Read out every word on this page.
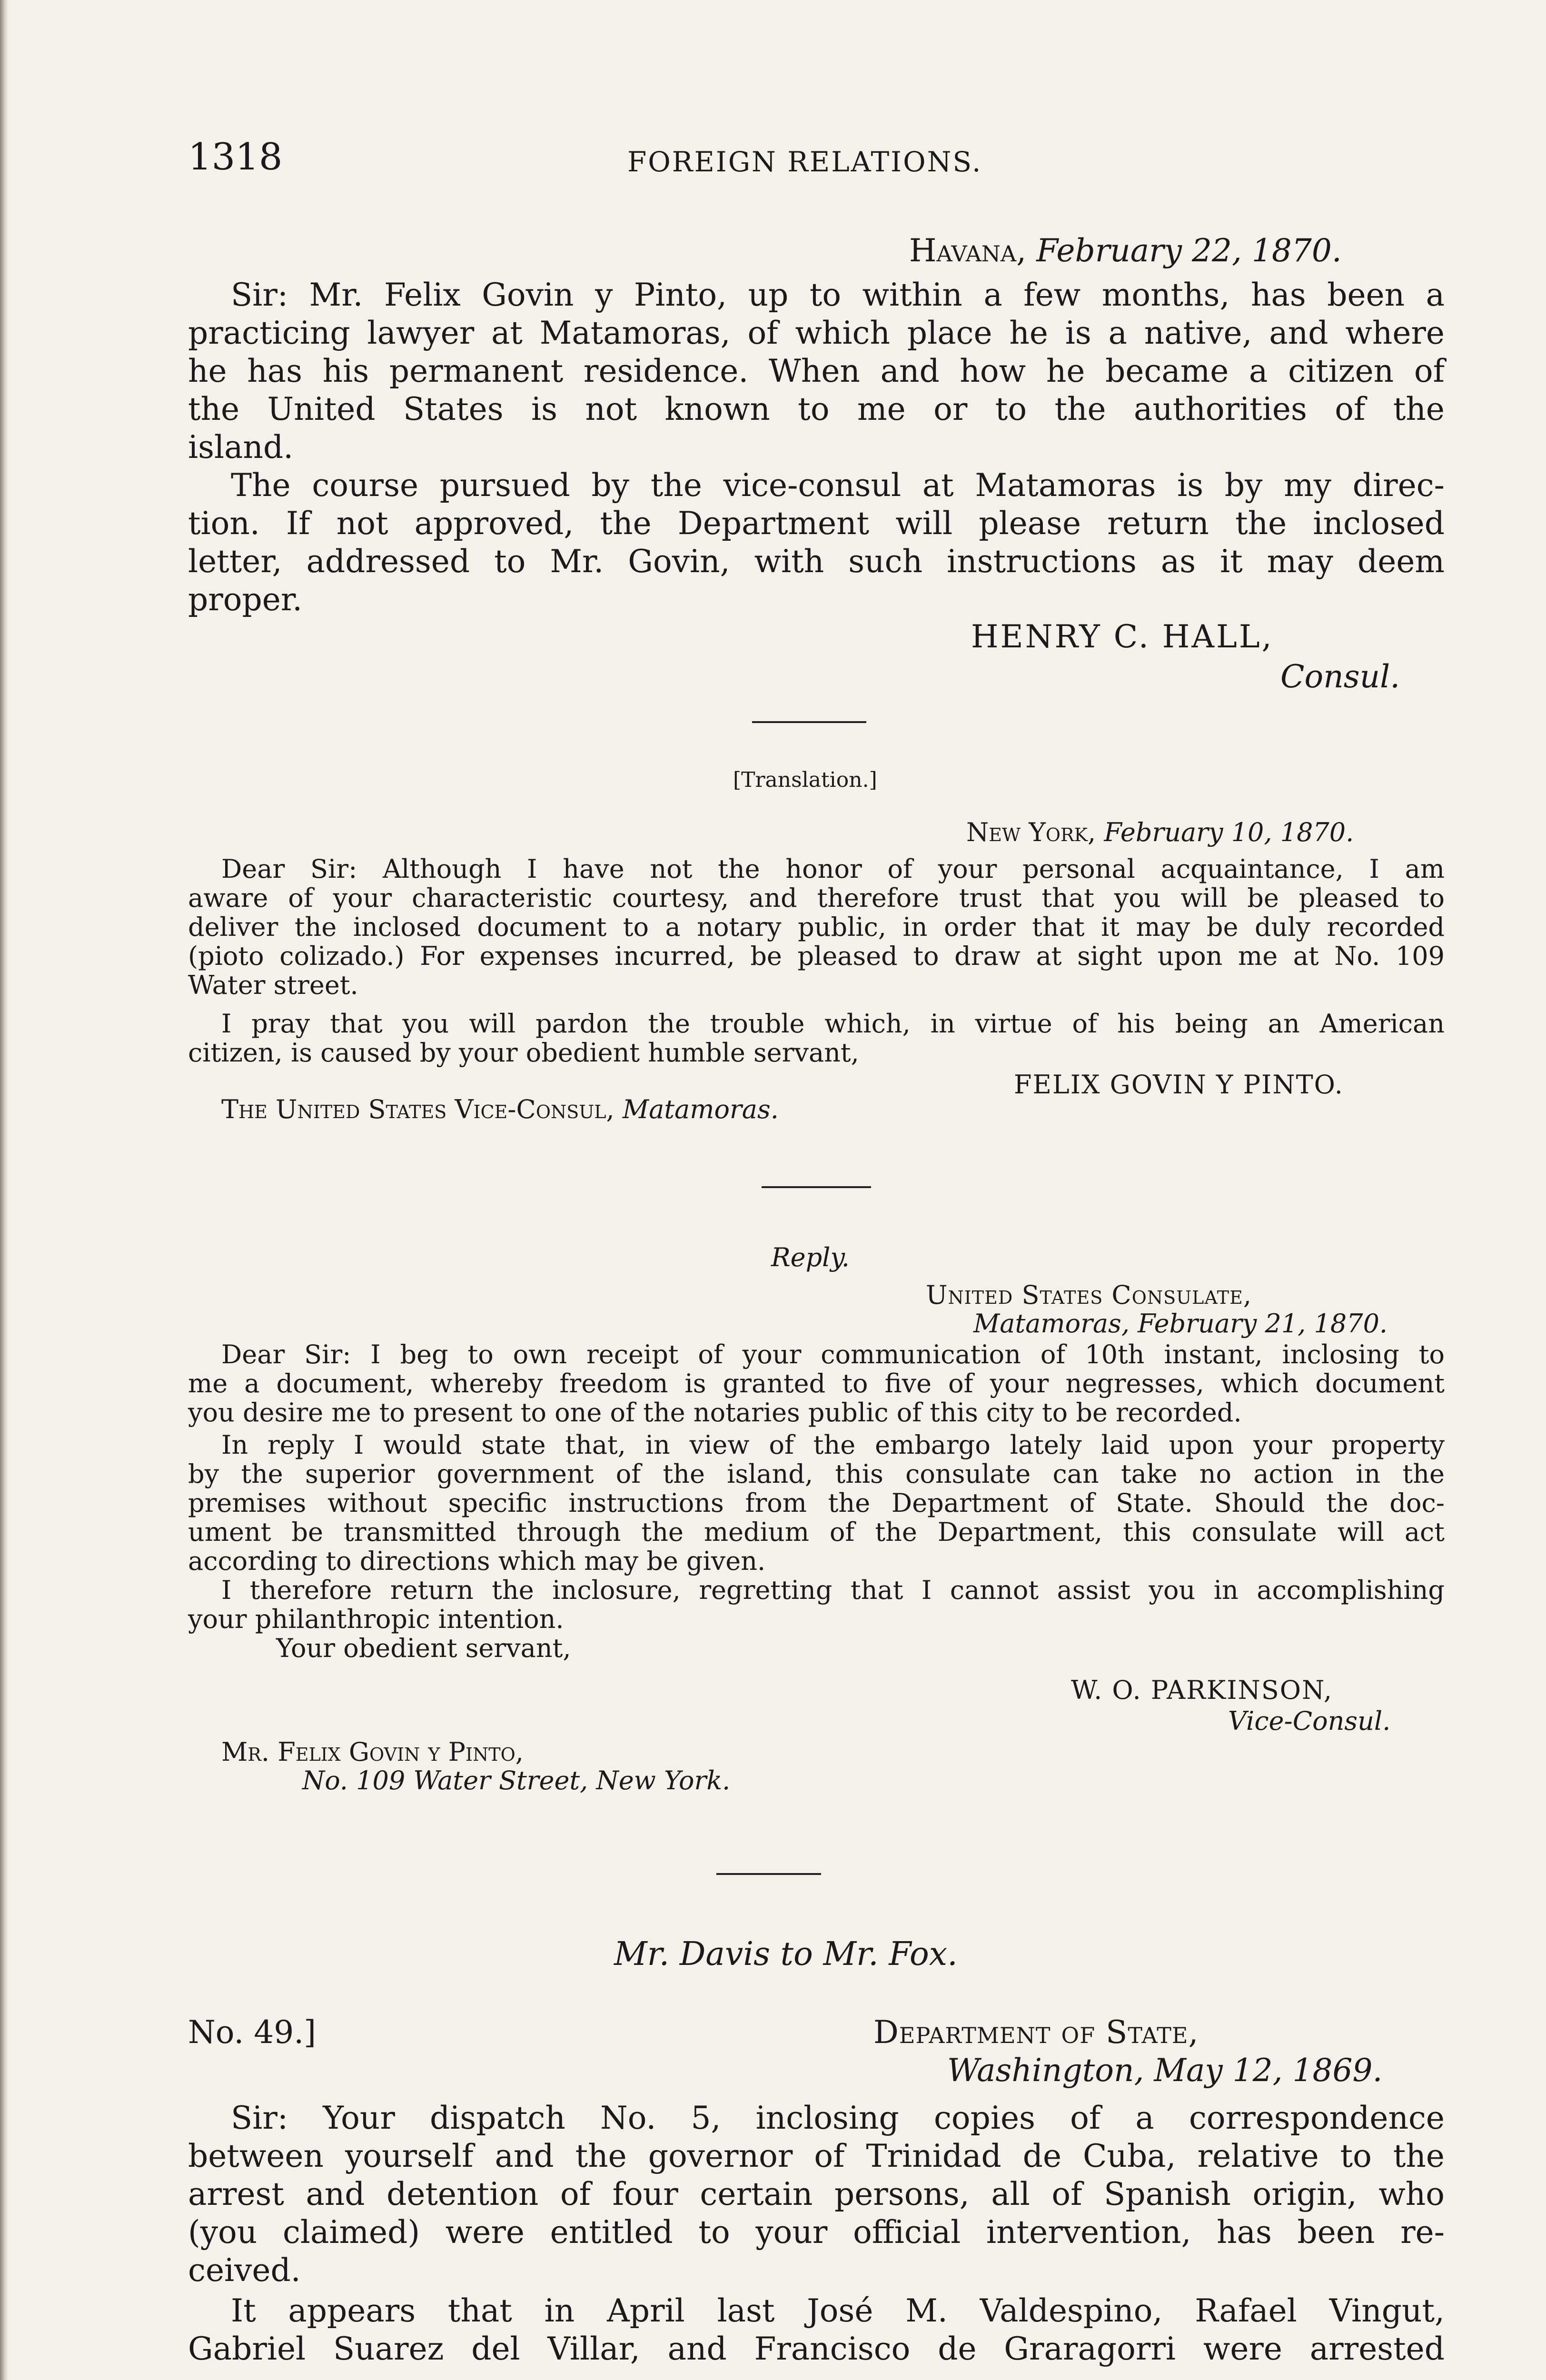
1318	FOREIGN RELATIONS.
Havana, February 22, 1870.
Sir: Mr. Felix Govin y Pinto, up to within a few months, has been a
practicing lawyer at Matamoras, of which place he is a native, and where
he has his permanent residence. When and how he became a citizen of
the United States is not known to me or to the authorities of the
island.
The course pursued by the vice-consul at Matamoras is by my direc-
tion. If not approved, the Department will please return the inclosed
letter, addressed to Mr. Govin, with such instructions as it may deem
proper.
HENRY C. HALL,
Consul.
[Translation.]
New York, February 10, 1870.
Dear Sir: Although I have not the honor of your personal acquaintance, I am
aware of your characteristic courtesy, and therefore trust that you will be pleased to
deliver the inclosed document to a notary public, in order that it may be duly recorded
(pioto colizado.) For expenses incurred, be pleased to draw at sight upon me at No. 109
Water street.
I pray that you will pardon the trouble which, in virtue of his being an American
citizen, is caused by your obedient humble servant,
FELIX GOVIN Y PINTO.
The United States Vice-Consul, Matamoras.
Reply.
United States Consulate,
Matamoras, February 21, 1870.
Dear Sir: I beg to own receipt of your communication of 10th instant, inclosing to
me a document, whereby freedom is granted to five of your negresses, which document
you desire me to present to one of the notaries public of this city to be recorded.
In reply I would state that, in view of the embargo lately laid upon your property
by the superior government of the island, this consulate can take no action in the
premises without specific instructions from the Department of State. Should the doc-
ument be transmitted through the medium of the Department, this consulate will act
according to directions which may be given.
I therefore return the inclosure, regretting that I cannot assist you in accomplishing
your philanthropic intention.
Your obedient servant,
W. O. PARKINSON,
Vice-Consul.
Mr. Felix Govin y Pinto,
No. 109 Water Street, New York.
Mr. Davis to Mr. Fox.
No. 49.]	Department of State,
Washington, May 12, 1869.
Sir: Your dispatch No. 5, inclosing copies of a correspondence
between yourself and the governor of Trinidad de Cuba, relative to the
arrest and detention of four certain persons, all of Spanish origin, who
(you claimed) were entitled to your official intervention, has been re-
ceived.
It appears that in April last José M. Valdespino, Rafael Vingut,
Gabriel Suarez del Villar, and Francisco de Graragorri were arrested
